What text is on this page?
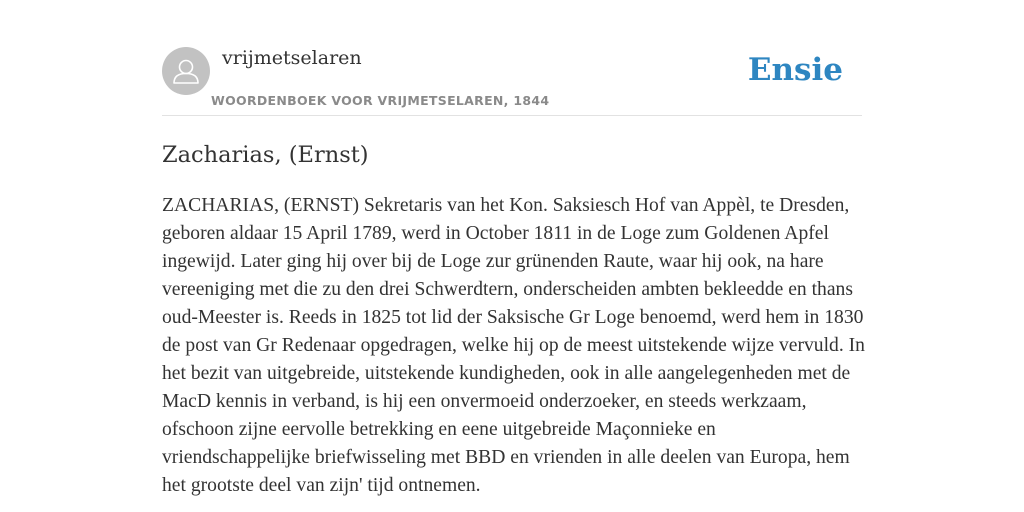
vrijmetselaren
WOORDENBOEK VOOR VRIJMETSELAREN, 1844
Ensie
Zacharias, (Ernst)

ZACHARIAS, (ERNST) Sekretaris van het Kon. Saksiesch Hof van Appèl, te Dresden, geboren aldaar 15 April 1789, werd in October 1811 in de Loge zum Goldenen Apfel ingewijd. Later ging hij over bij de Loge zur grünenden Raute, waar hij ook, na hare vereeniging met die zu den drei Schwerdtern, onderscheiden ambten bekleedde en thans oud-Meester is. Reeds in 1825 tot lid der Saksische Gr Loge benoemd, werd hem in 1830 de post van Gr Redenaar opgedragen, welke hij op de meest uitstekende wijze vervuld. In het bezit van uitgebreide, uitstekende kundigheden, ook in alle aangelegenheden met de MacD kennis in verband, is hij een onvermoeid onderzoeker, en steeds werkzaam, ofschoon zijne eervolle betrekking en eene uitgebreide Maçonnieke en vriendschappelijke briefwisseling met BBD en vrienden in alle deelen van Europa, hem het grootste deel van zijn' tijd ontnemen.
